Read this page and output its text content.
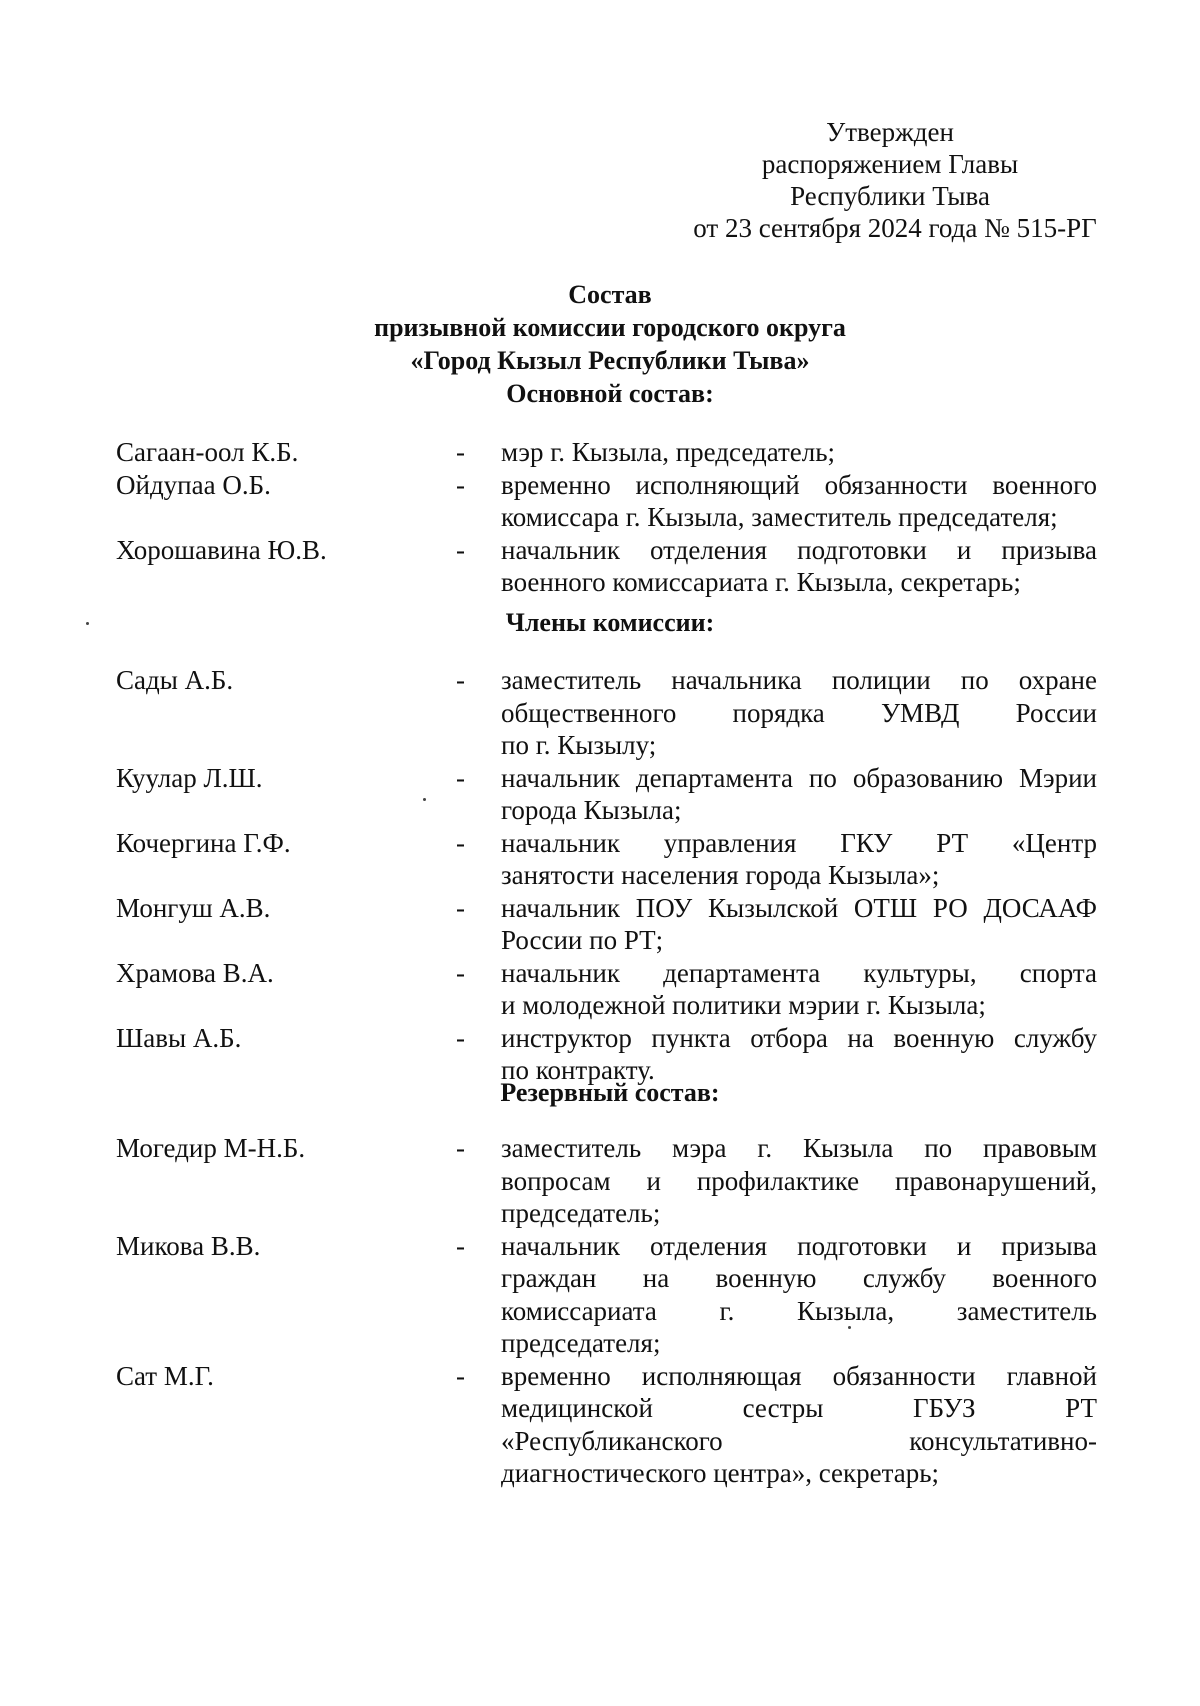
Утвержден
распоряжением Главы
Республики Тыва
от 23 сентября 2024 года № 515-РГ
Состав
призывной комиссии городского округа
«Город Кызыл Республики Тыва»
Основной состав:
Сагаан-оол К.Б.	- мэр г. Кызыла, председатель;
Ойдупаа О.Б.	- временно исполняющий обязанности военного
комиссара г. Кызыла, заместитель председателя;
Хорошавина Ю.В.	- начальник отделения подготовки и призыва
военного комиссариата г. Кызыла, секретарь;
Члены комиссии:
Сады А.Б.	- заместитель начальника полиции по охране
общественного порядка УМВД России
по г. Кызылу;
Куулар Л.Ш.	- начальник департамента по образованию Мэрии
города Кызыла;
Кочергина Г.Ф.	- начальник управления ГКУ РТ «Центр
занятости населения города Кызыла»;
Монгуш А.В.	- начальник ПОУ Кызылской ОТШ РО ДОСААФ
России по РТ;
Храмова В.А.	- начальник департамента культуры, спорта
и молодежной политики мэрии г. Кызыла;
Шавы А.Б.	- инструктор пункта отбора на военную службу
по контракту.
Резервный состав:
Могедир М-Н.Б.	- заместитель мэра г. Кызыла по правовым
вопросам и профилактике правонарушений,
председатель;
Микова В.В.	- начальник отделения подготовки и призыва
граждан на военную службу военного
комиссариата г. Кызыла, заместитель
председателя;
Сат М.Г.	- временно исполняющая обязанности главной
медицинской сестры ГБУЗ РТ
«Республиканского консультативно-
диагностического центра», секретарь;
